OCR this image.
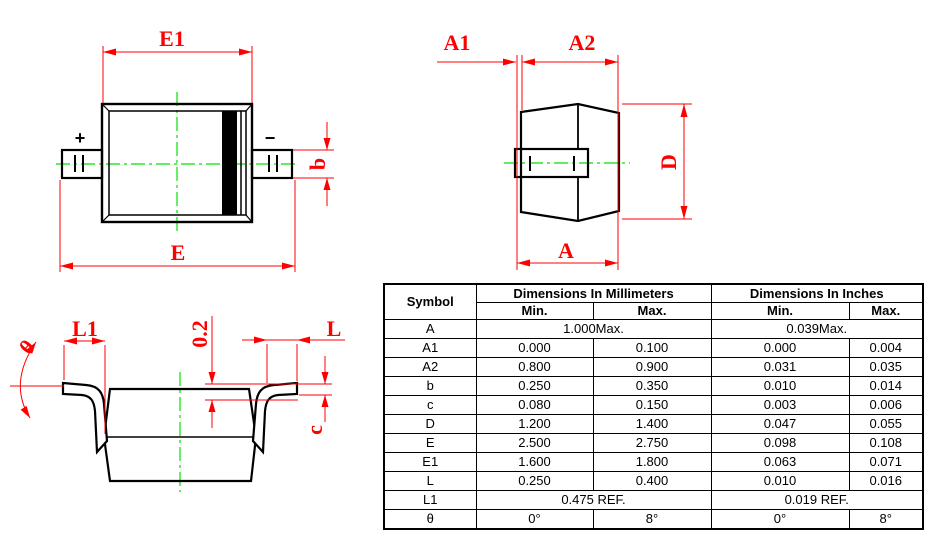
+	−
E1
E
b
A1	A2
D
A
θ
L1	0.2	L
c
Symbol	Dimensions In Millimeters		Dimensions In Inches	
	Min.	Max.	Min.	Max.
A	1.000Max.		0.039Max.	
A1	0.000	0.100	0.000	0.004
A2	0.800	0.900	0.031	0.035
b	0.250	0.350	0.010	0.014
c	0.080	0.150	0.003	0.006
D	1.200	1.400	0.047	0.055
E	2.500	2.750	0.098	0.108
E1	1.600	1.800	0.063	0.071
L	0.250	0.400	0.010	0.016
L1	0.475 REF.		0.019 REF.	
θ	0°	8°	0°	8°
